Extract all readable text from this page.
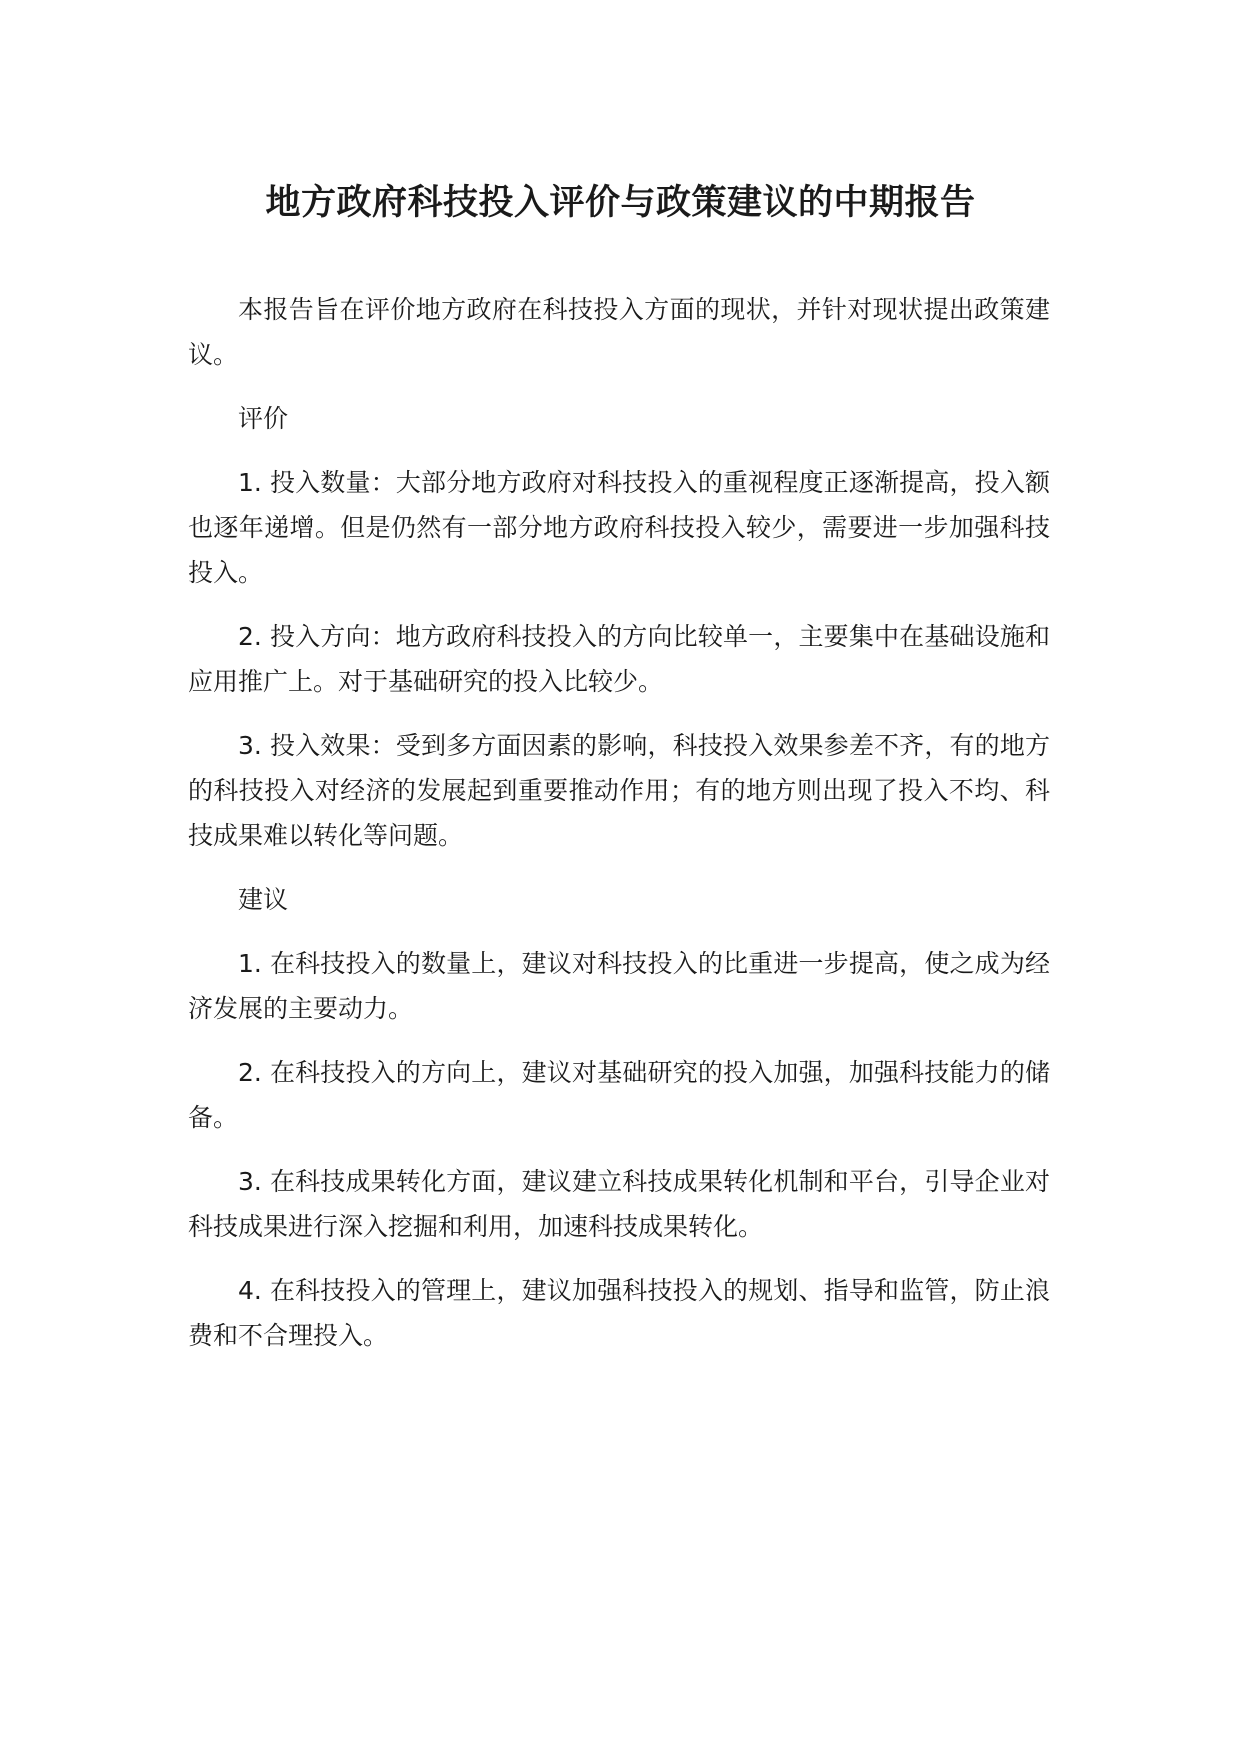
地方政府科技投入评价与政策建议的中期报告

本报告旨在评价地方政府在科技投入方面的现状，并针对现状提出政策建议。

评价

1. 投入数量：大部分地方政府对科技投入的重视程度正逐渐提高，投入额也逐年递增。但是仍然有一部分地方政府科技投入较少，需要进一步加强科技投入。

2. 投入方向：地方政府科技投入的方向比较单一，主要集中在基础设施和应用推广上。对于基础研究的投入比较少。

3. 投入效果：受到多方面因素的影响，科技投入效果参差不齐，有的地方的科技投入对经济的发展起到重要推动作用；有的地方则出现了投入不均、科技成果难以转化等问题。

建议

1. 在科技投入的数量上，建议对科技投入的比重进一步提高，使之成为经济发展的主要动力。

2. 在科技投入的方向上，建议对基础研究的投入加强，加强科技能力的储备。

3. 在科技成果转化方面，建议建立科技成果转化机制和平台，引导企业对科技成果进行深入挖掘和利用，加速科技成果转化。

4. 在科技投入的管理上，建议加强科技投入的规划、指导和监管，防止浪费和不合理投入。
